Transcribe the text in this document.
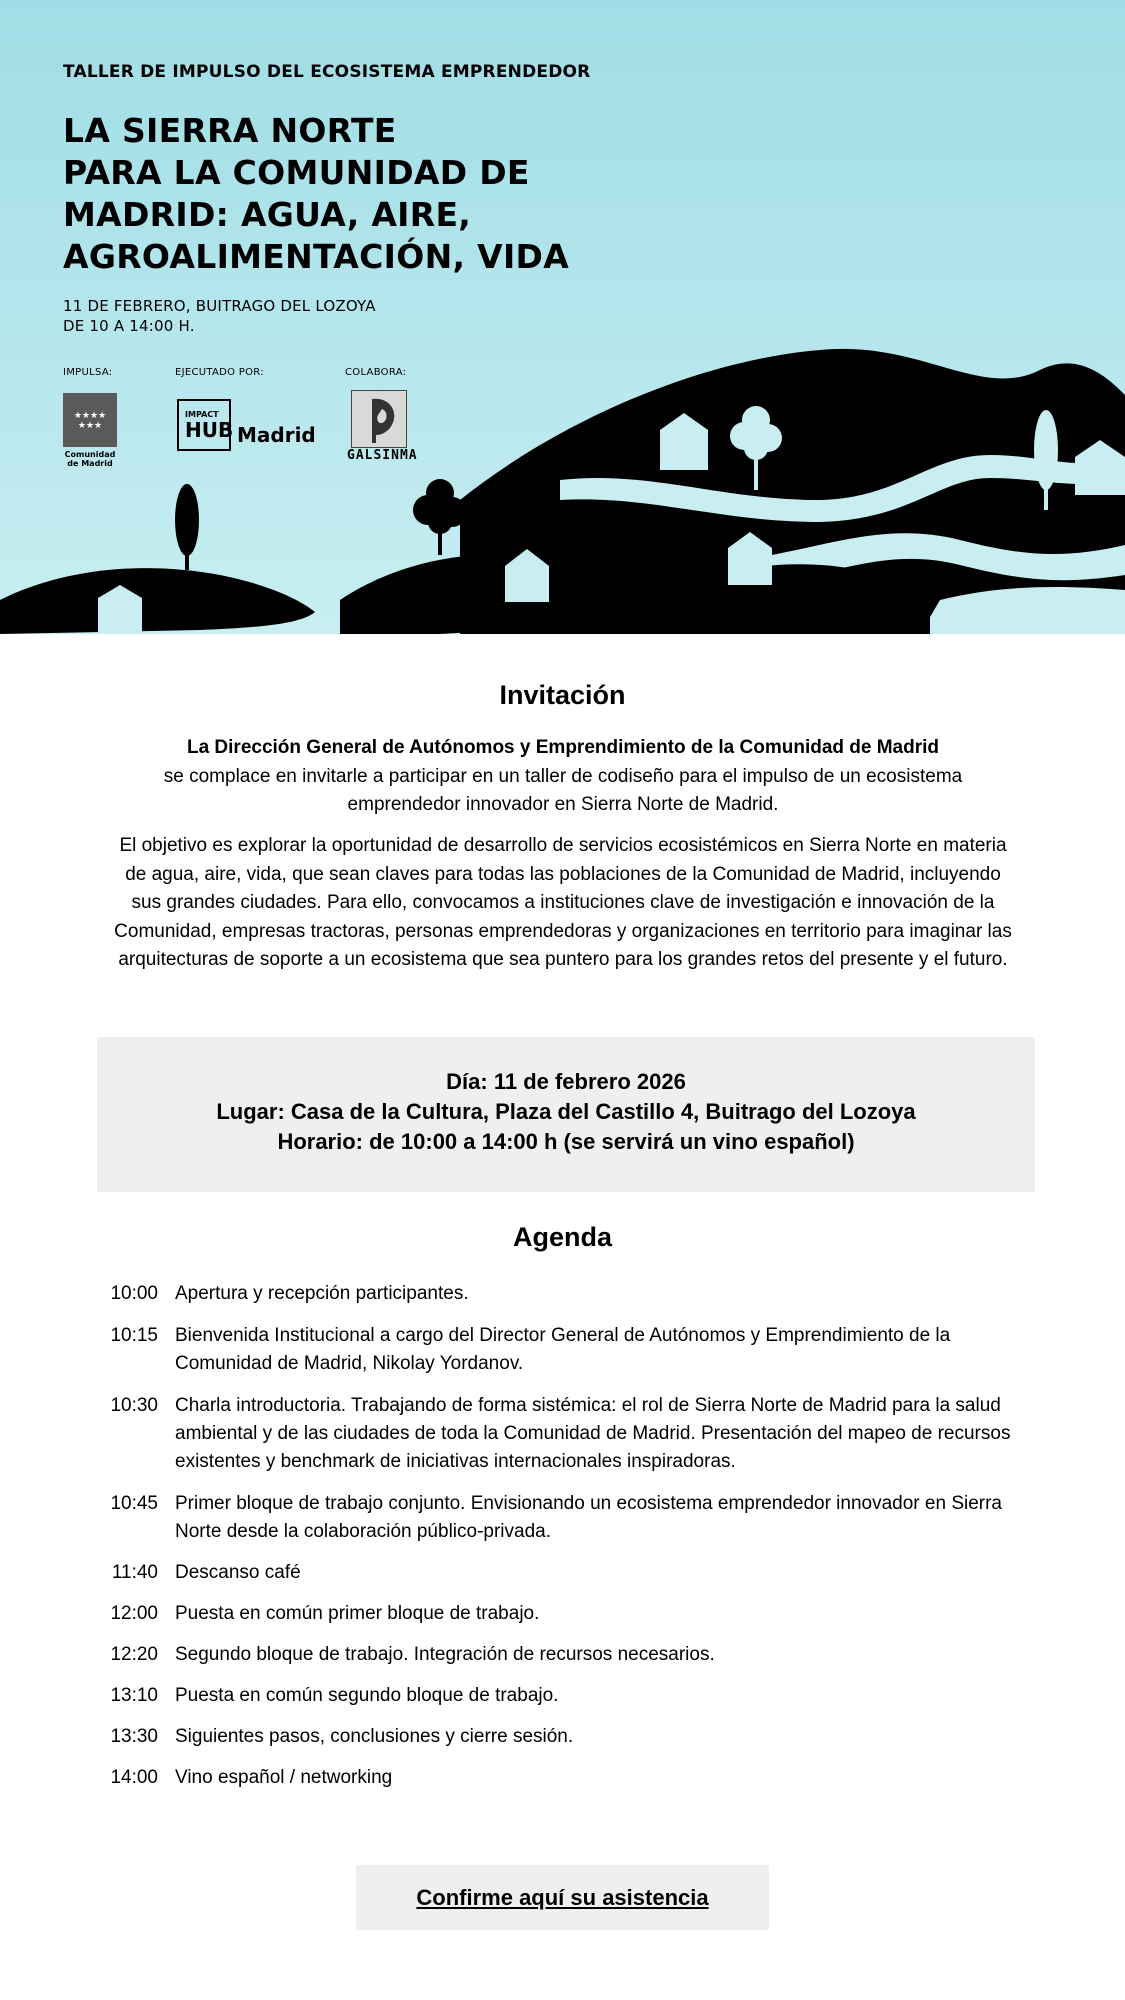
TALLER DE IMPULSO DEL ECOSISTEMA EMPRENDEDOR
LA SIERRA NORTE
PARA LA COMUNIDAD DE
MADRID: AGUA, AIRE,
AGROALIMENTACIÓN, VIDA
11 DE FEBRERO, BUITRAGO DEL LOZOYA
DE 10 A 14:00 H.
IMPULSA:	EJECUTADO POR:	COLABORA:
★★★★
★★★
Comunidad de Madrid
IMPACT
HUB Madrid
GALSINMA
Invitación
La Dirección General de Autónomos y Emprendimiento de la Comunidad de Madrid
se complace en invitarle a participar en un taller de codiseño para el impulso de un ecosistema emprendedor innovador en Sierra Norte de Madrid.
El objetivo es explorar la oportunidad de desarrollo de servicios ecosistémicos en Sierra Norte en materia de agua, aire, vida, que sean claves para todas las poblaciones de la Comunidad de Madrid, incluyendo sus grandes ciudades. Para ello, convocamos a instituciones clave de investigación e innovación de la Comunidad, empresas tractoras, personas emprendedoras y organizaciones en territorio para imaginar las arquitecturas de soporte a un ecosistema que sea puntero para los grandes retos del presente y el futuro.
Día: 11 de febrero 2026
Lugar: Casa de la Cultura, Plaza del Castillo 4, Buitrago del Lozoya
Horario: de 10:00 a 14:00 h (se servirá un vino español)
Agenda
10:00 Apertura y recepción participantes.
10:15 Bienvenida Institucional a cargo del Director General de Autónomos y Emprendimiento de la Comunidad de Madrid, Nikolay Yordanov.
10:30 Charla introductoria. Trabajando de forma sistémica: el rol de Sierra Norte de Madrid para la salud ambiental y de las ciudades de toda la Comunidad de Madrid. Presentación del mapeo de recursos existentes y benchmark de iniciativas internacionales inspiradoras.
10:45 Primer bloque de trabajo conjunto. Envisionando un ecosistema emprendedor innovador en Sierra Norte desde la colaboración público-privada.
11:40 Descanso café
12:00 Puesta en común primer bloque de trabajo.
12:20 Segundo bloque de trabajo. Integración de recursos necesarios.
13:10 Puesta en común segundo bloque de trabajo.
13:30 Siguientes pasos, conclusiones y cierre sesión.
14:00 Vino español / networking
Confirme aquí su asistencia
